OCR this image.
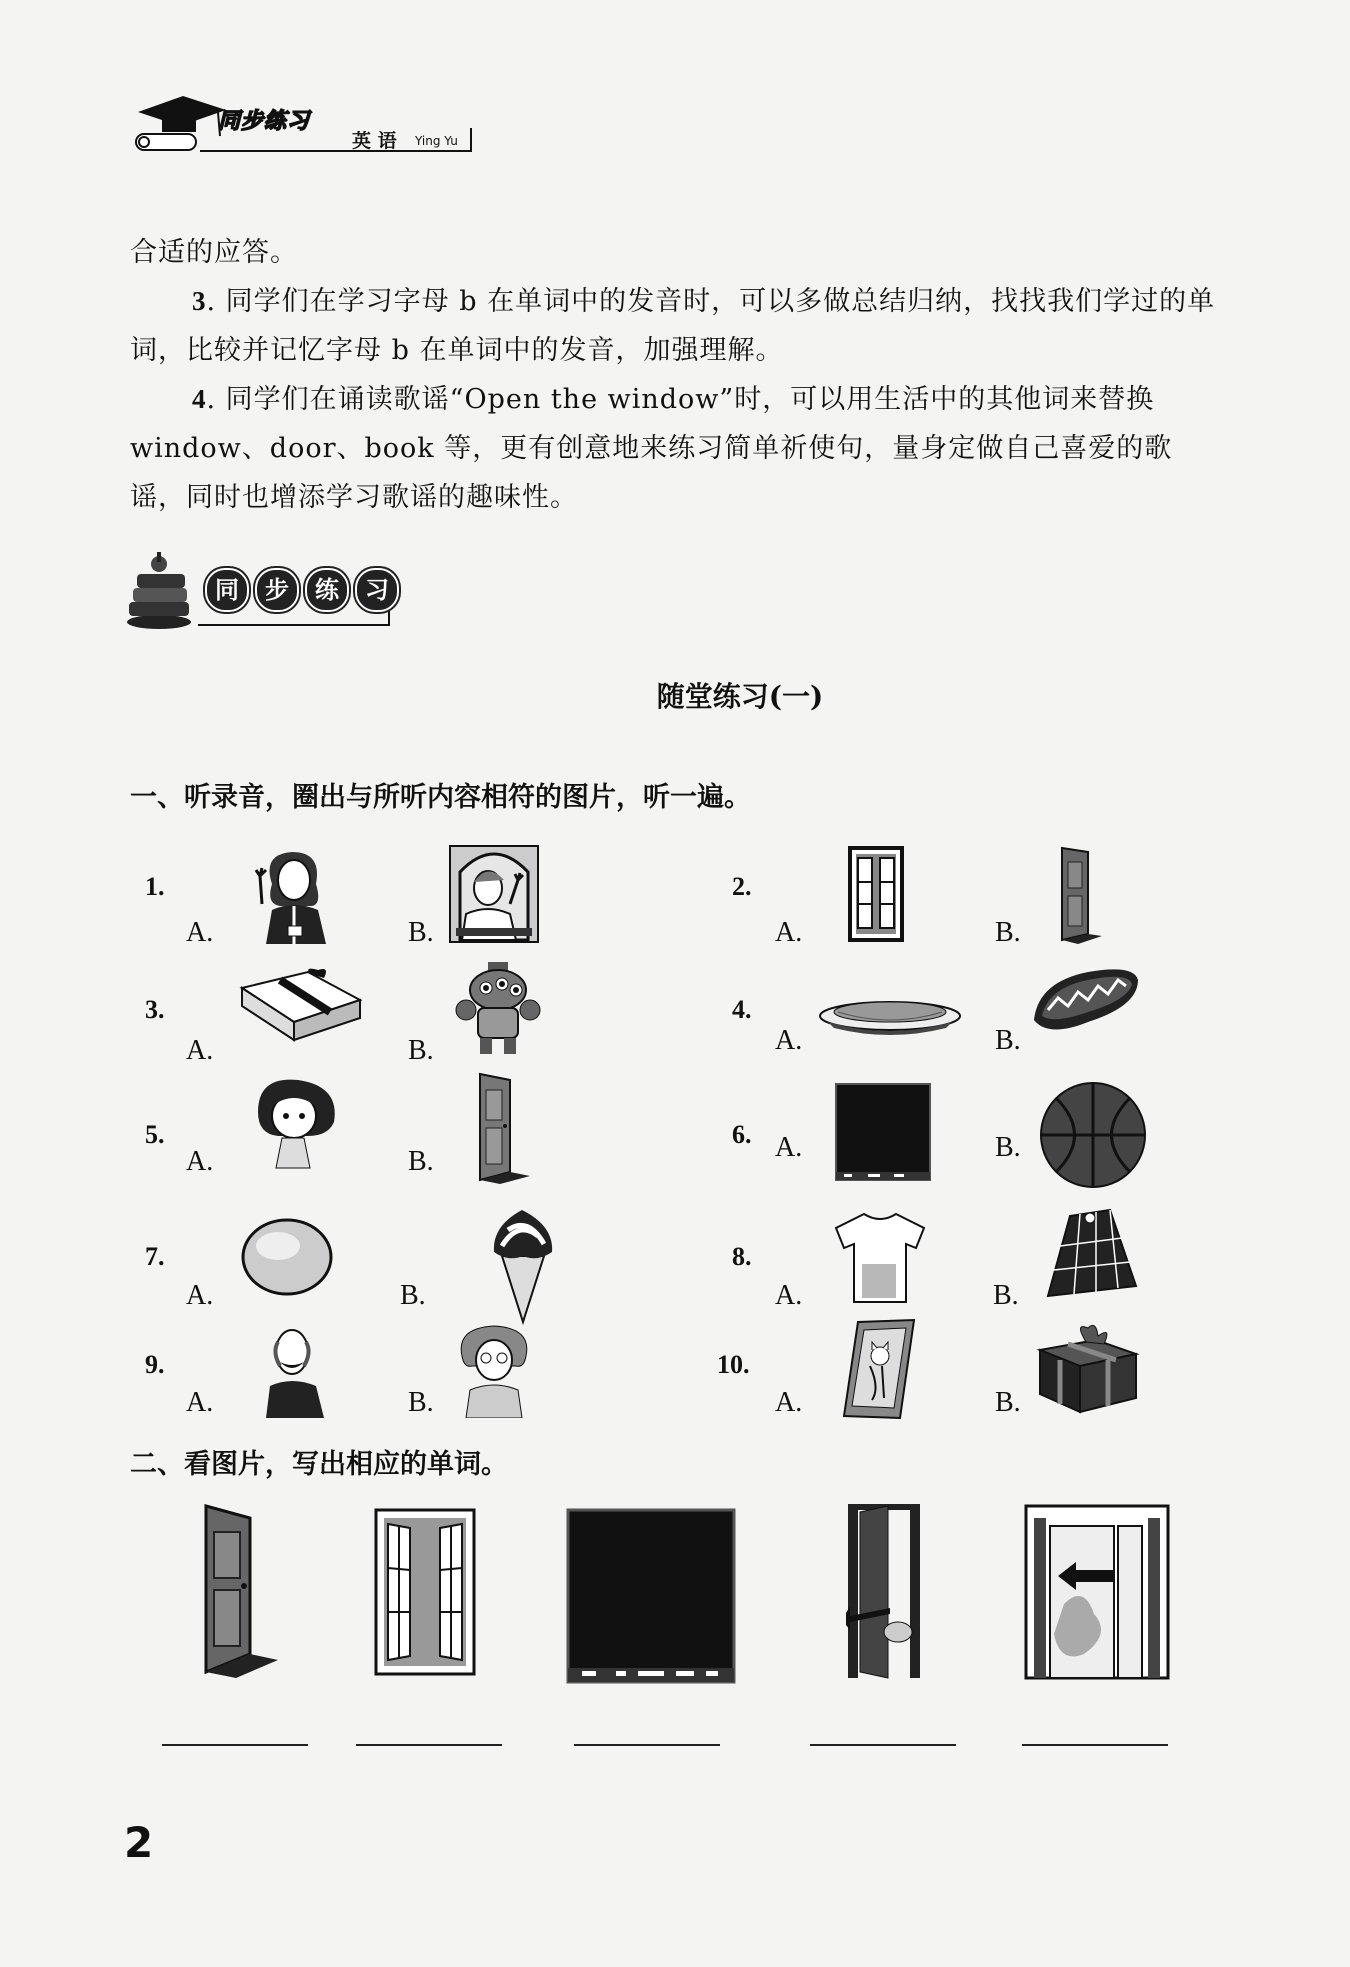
同步练习
英 语 Ying Yu
合适的应答。
3. 同学们在学习字母 b 在单词中的发音时，可以多做总结归纳，找找我们学过的单词，比较并记忆字母 b 在单词中的发音，加强理解。
4. 同学们在诵读歌谣“Open the window”时，可以用生活中的其他词来替换 window、door、book 等，更有创意地来练习简单祈使句，量身定做自己喜爱的歌谣，同时也增添学习歌谣的趣味性。
同	步	练	习
随堂练习(一)
一、听录音，圈出与所听内容相符的图片，听一遍。
1.
A.	B.
3.
A.	B.
5.
A.	B.
7.
A.	B.
9.
A.	B.
2.
A.	B.
4.
A.	B.
6. A.	B.
8.
A.	B.
10.
A.	B.
二、看图片，写出相应的单词。
2
